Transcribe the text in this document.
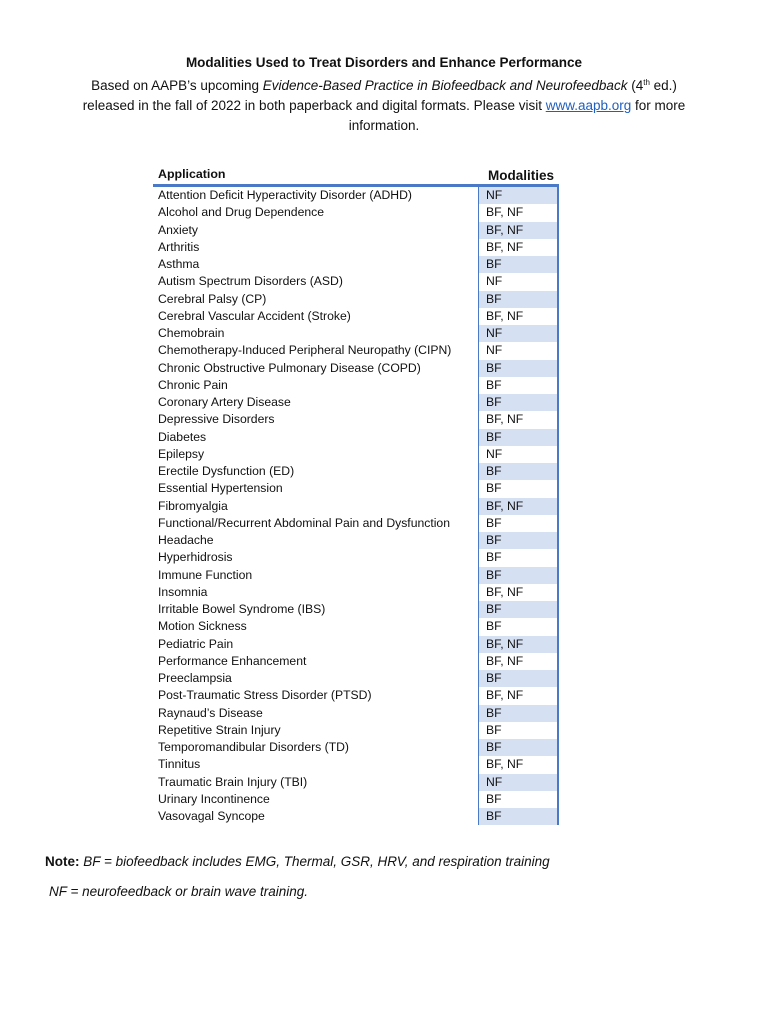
Modalities Used to Treat Disorders and Enhance Performance
Based on AAPB’s upcoming Evidence-Based Practice in Biofeedback and Neurofeedback (4th ed.)
released in the fall of 2022 in both paperback and digital formats. Please visit www.aapb.org for more
information.
Application	Modalities
Attention Deficit Hyperactivity Disorder (ADHD)	NF
Alcohol and Drug Dependence	BF, NF
Anxiety	BF, NF
Arthritis	BF, NF
Asthma	BF
Autism Spectrum Disorders (ASD)	NF
Cerebral Palsy (CP)	BF
Cerebral Vascular Accident (Stroke)	BF, NF
Chemobrain	NF
Chemotherapy-Induced Peripheral Neuropathy (CIPN)	NF
Chronic Obstructive Pulmonary Disease (COPD)	BF
Chronic Pain	BF
Coronary Artery Disease	BF
Depressive Disorders	BF, NF
Diabetes	BF
Epilepsy	NF
Erectile Dysfunction (ED)	BF
Essential Hypertension	BF
Fibromyalgia	BF, NF
Functional/Recurrent Abdominal Pain and Dysfunction	BF
Headache	BF
Hyperhidrosis	BF
Immune Function	BF
Insomnia	BF, NF
Irritable Bowel Syndrome (IBS)	BF
Motion Sickness	BF
Pediatric Pain	BF, NF
Performance Enhancement	BF, NF
Preeclampsia	BF
Post-Traumatic Stress Disorder (PTSD)	BF, NF
Raynaud’s Disease	BF
Repetitive Strain Injury	BF
Temporomandibular Disorders (TD)	BF
Tinnitus	BF, NF
Traumatic Brain Injury (TBI)	NF
Urinary Incontinence	BF
Vasovagal Syncope	BF
Note: BF = biofeedback includes EMG, Thermal, GSR, HRV, and respiration training
NF = neurofeedback or brain wave training.
